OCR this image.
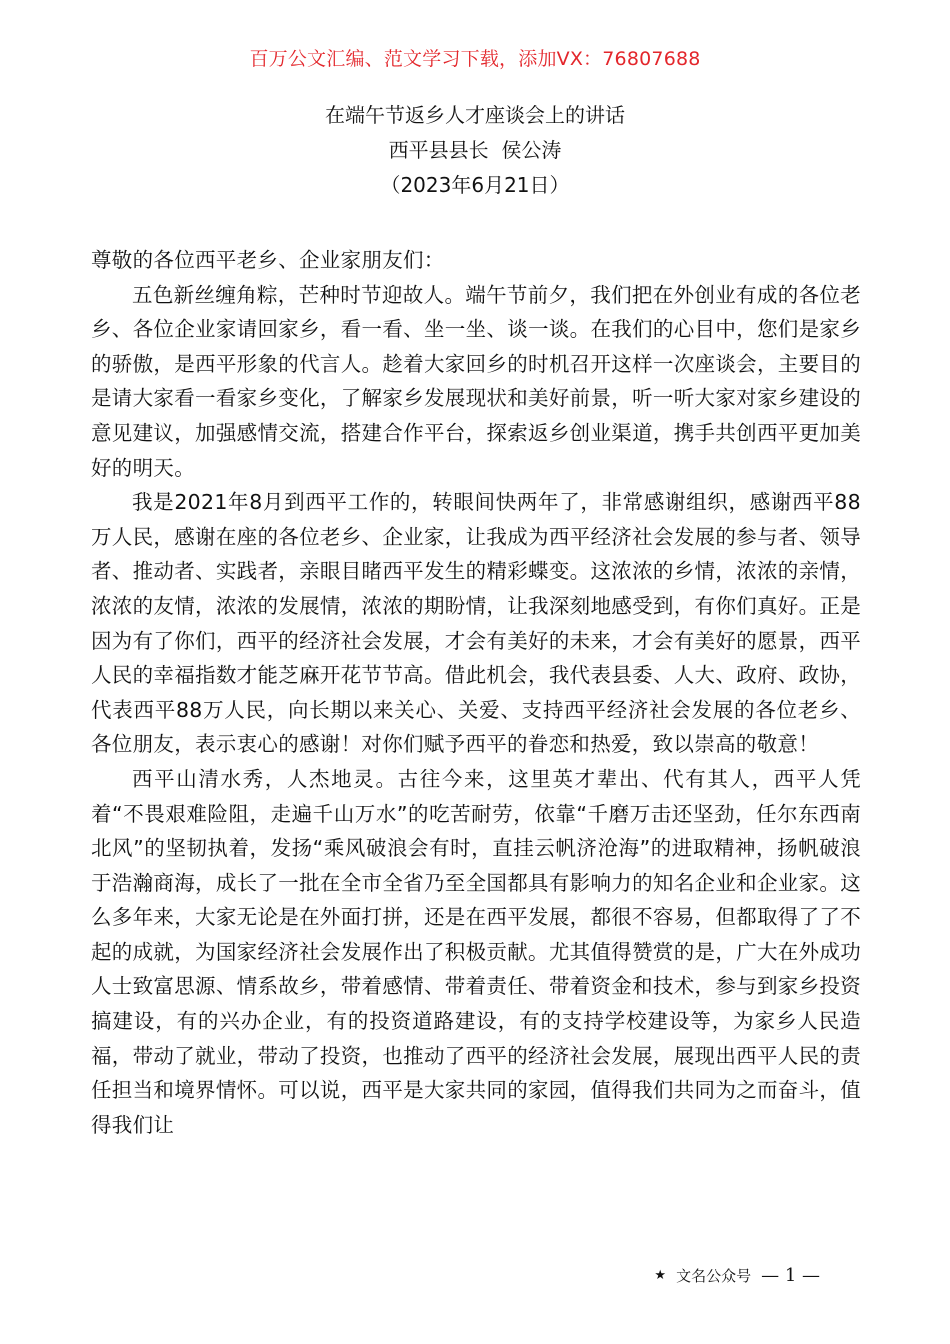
百万公文汇编、范文学习下载，添加VX：76807688
在端午节返乡人才座谈会上的讲话
西平县县长  侯公涛
（2023年6月21日）

尊敬的各位西平老乡、企业家朋友们：

五色新丝缠角粽，芒种时节迎故人。端午节前夕，我们把在外创业有成的各位老乡、各位企业家请回家乡，看一看、坐一坐、谈一谈。在我们的心目中，您们是家乡的骄傲，是西平形象的代言人。趁着大家回乡的时机召开这样一次座谈会，主要目的是请大家看一看家乡变化，了解家乡发展现状和美好前景，听一听大家对家乡建设的意见建议，加强感情交流，搭建合作平台，探索返乡创业渠道，携手共创西平更加美好的明天。

我是2021年8月到西平工作的，转眼间快两年了，非常感谢组织，感谢西平88万人民，感谢在座的各位老乡、企业家，让我成为西平经济社会发展的参与者、领导者、推动者、实践者，亲眼目睹西平发生的精彩蝶变。这浓浓的乡情，浓浓的亲情，浓浓的友情，浓浓的发展情，浓浓的期盼情，让我深刻地感受到，有你们真好。正是因为有了你们，西平的经济社会发展，才会有美好的未来，才会有美好的愿景，西平人民的幸福指数才能芝麻开花节节高。借此机会，我代表县委、人大、政府、政协，代表西平88万人民，向长期以来关心、关爱、支持西平经济社会发展的各位老乡、各位朋友，表示衷心的感谢！对你们赋予西平的眷恋和热爱，致以崇高的敬意！

西平山清水秀，人杰地灵。古往今来，这里英才辈出、代有其人，西平人凭着“不畏艰难险阻，走遍千山万水”的吃苦耐劳，依靠“千磨万击还坚劲，任尔东西南北风”的坚韧执着，发扬“乘风破浪会有时，直挂云帆济沧海”的进取精神，扬帆破浪于浩瀚商海，成长了一批在全市全省乃至全国都具有影响力的知名企业和企业家。这么多年来，大家无论是在外面打拼，还是在西平发展，都很不容易，但都取得了了不起的成就，为国家经济社会发展作出了积极贡献。尤其值得赞赏的是，广大在外成功人士致富思源、情系故乡，带着感情、带着责任、带着资金和技术，参与到家乡投资搞建设，有的兴办企业，有的投资道路建设，有的支持学校建设等，为家乡人民造福，带动了就业，带动了投资，也推动了西平的经济社会发展，展现出西平人民的责任担当和境界情怀。可以说，西平是大家共同的家园，值得我们共同为之而奋斗，值得我们让

★ 文名公众号 — 1 —
